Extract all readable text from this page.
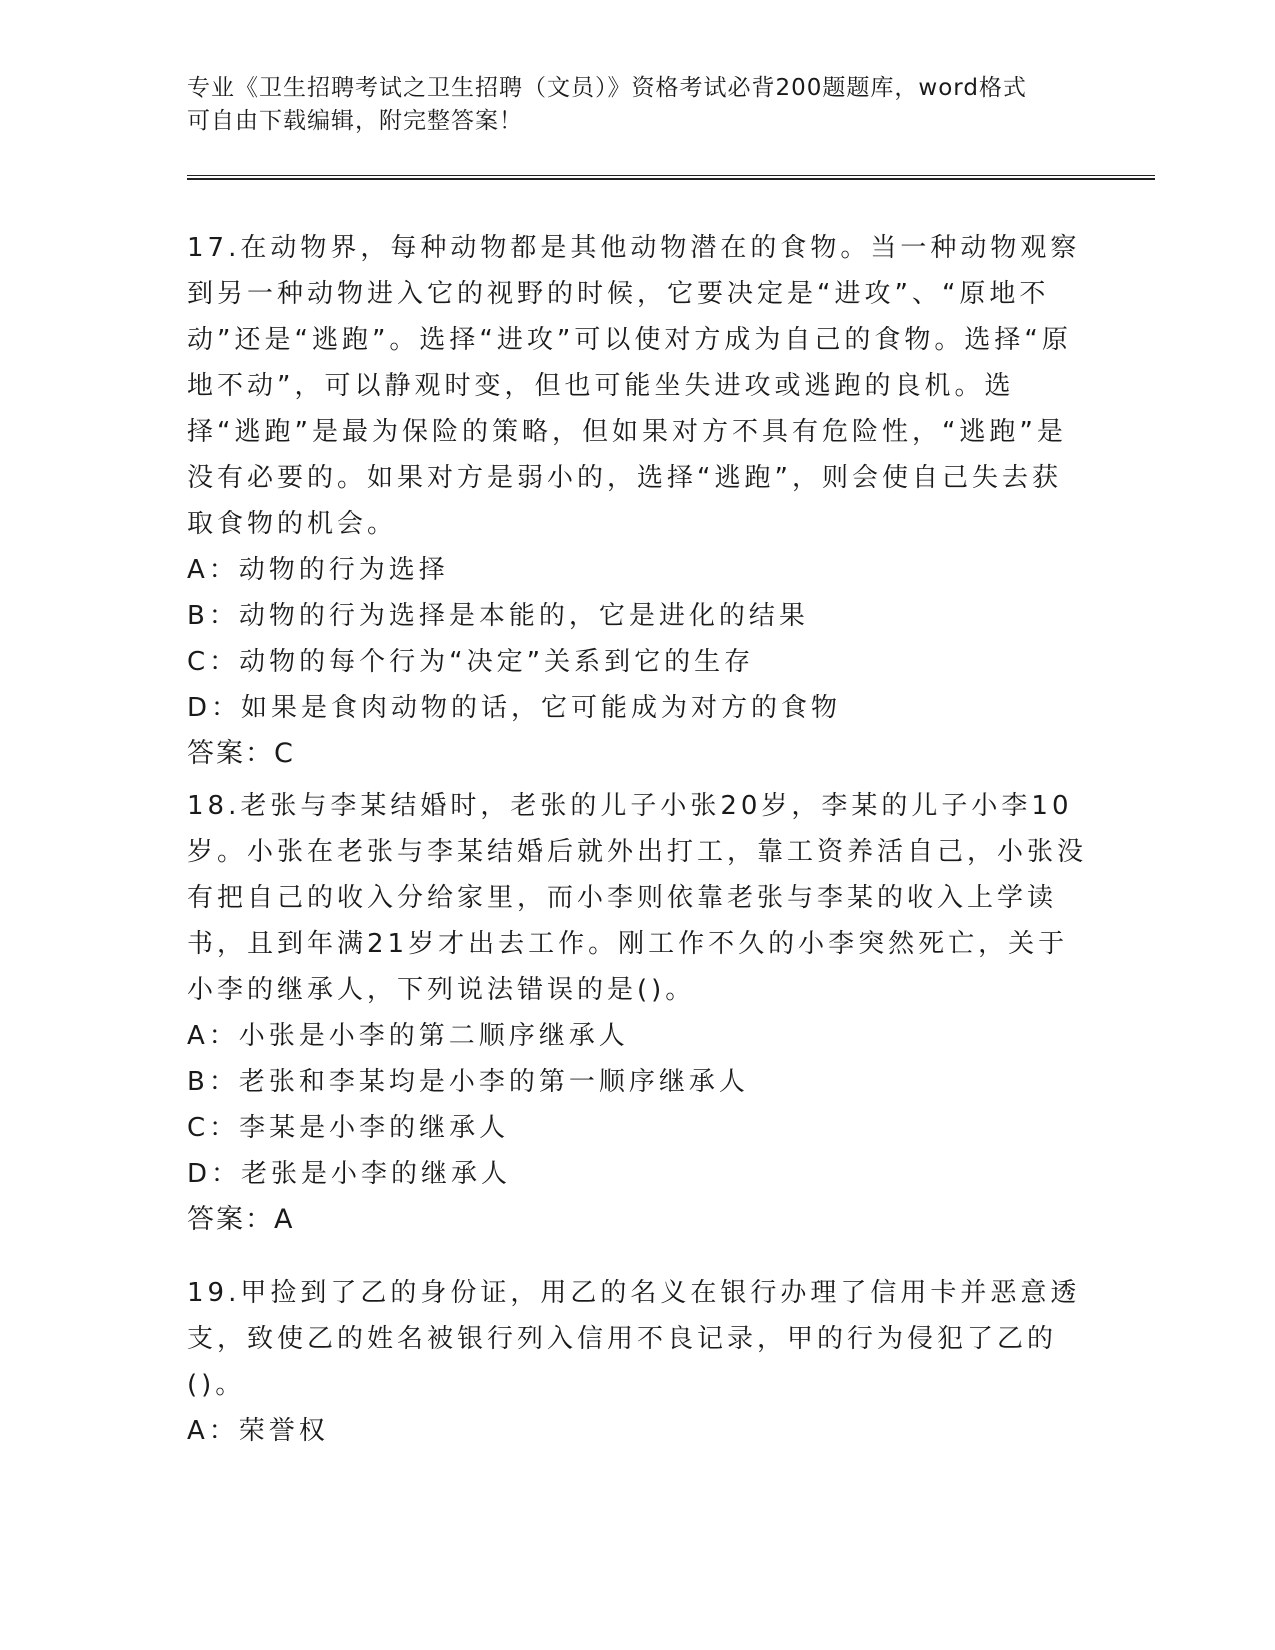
专业《卫生招聘考试之卫生招聘（文员）》资格考试必背200题题库，word格式
可自由下载编辑，附完整答案！

17.在动物界，每种动物都是其他动物潜在的食物。当一种动物观察到另一种动物进入它的视野的时候，它要决定是“进攻”、“原地不动”还是“逃跑”。选择“进攻”可以使对方成为自己的食物。选择“原地不动”，可以静观时变，但也可能坐失进攻或逃跑的良机。选择“逃跑”是最为保险的策略，但如果对方不具有危险性，“逃跑”是没有必要的。如果对方是弱小的，选择“逃跑”，则会使自己失去获取食物的机会。

A：动物的行为选择

B：动物的行为选择是本能的，它是进化的结果

C：动物的每个行为“决定”关系到它的生存

D：如果是食肉动物的话，它可能成为对方的食物

答案：C

18.老张与李某结婚时，老张的儿子小张20岁，李某的儿子小李10岁。小张在老张与李某结婚后就外出打工，靠工资养活自己，小张没有把自己的收入分给家里，而小李则依靠老张与李某的收入上学读书，且到年满21岁才出去工作。刚工作不久的小李突然死亡，关于小李的继承人，下列说法错误的是()。

A：小张是小李的第二顺序继承人

B：老张和李某均是小李的第一顺序继承人

C：李某是小李的继承人

D：老张是小李的继承人

答案：A

19.甲捡到了乙的身份证，用乙的名义在银行办理了信用卡并恶意透支，致使乙的姓名被银行列入信用不良记录，甲的行为侵犯了乙的()。

A：荣誉权
